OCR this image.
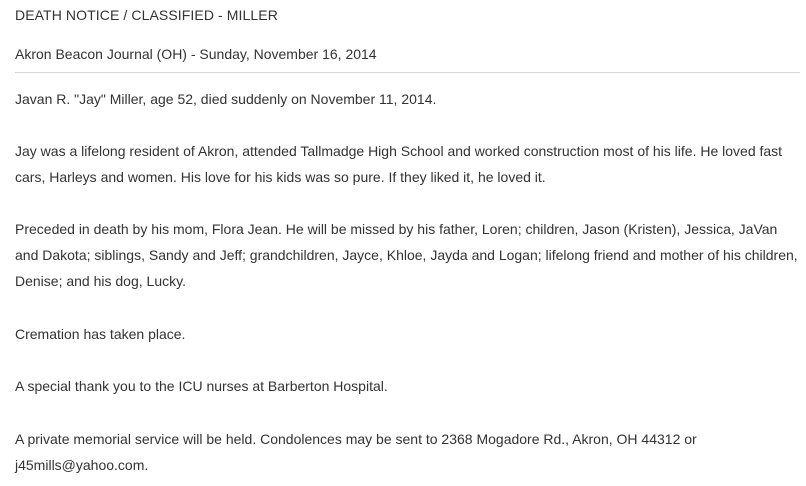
DEATH NOTICE / CLASSIFIED - MILLER
Akron Beacon Journal (OH) - Sunday, November 16, 2014

Javan R. "Jay" Miller, age 52, died suddenly on November 11, 2014.

Jay was a lifelong resident of Akron, attended Tallmadge High School and worked construction most of his life. He loved fast cars, Harleys and women. His love for his kids was so pure. If they liked it, he loved it.

Preceded in death by his mom, Flora Jean. He will be missed by his father, Loren; children, Jason (Kristen), Jessica, JaVan and Dakota; siblings, Sandy and Jeff; grandchildren, Jayce, Khloe, Jayda and Logan; lifelong friend and mother of his children, Denise; and his dog, Lucky.

Cremation has taken place.

A special thank you to the ICU nurses at Barberton Hospital.

A private memorial service will be held. Condolences may be sent to 2368 Mogadore Rd., Akron, OH 44312 or j45mills@yahoo.com.
